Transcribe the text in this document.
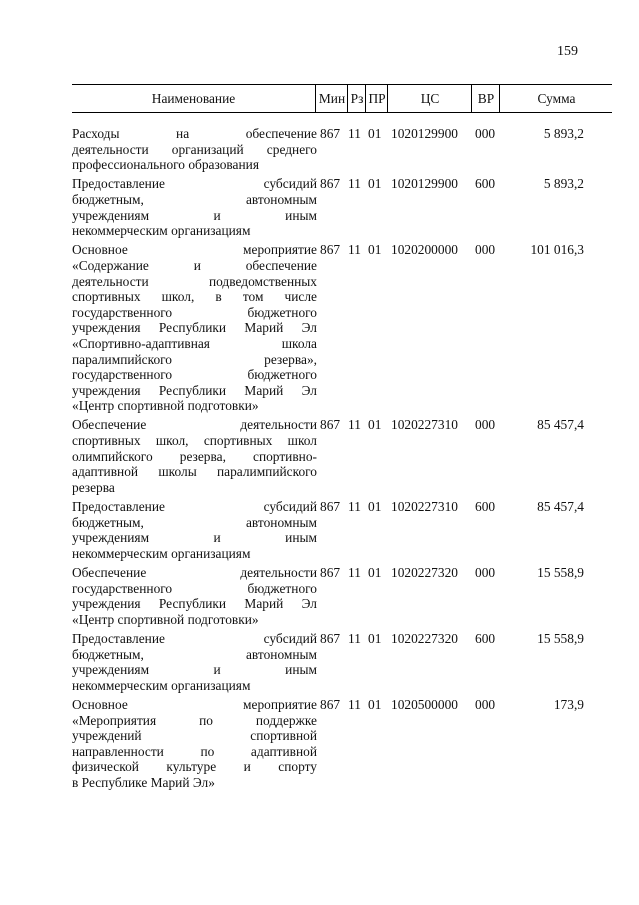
159
Наименование	Мин Рз ПР	ЦС	ВР	Сумма
Расходы на обеспечение
деятельности организаций среднего
профессионального образования
867 11 01 1020129900 000	5 893,2
Предоставление субсидий
бюджетным, автономным
учреждениям и иным
некоммерческим организациям
867 11 01 1020129900 600	5 893,2
Основное мероприятие
«Содержание и обеспечение
деятельности подведомственных
спортивных школ, в том числе
государственного бюджетного
учреждения Республики Марий Эл
«Спортивно-адаптивная школа
паралимпийского резерва»,
государственного бюджетного
учреждения Республики Марий Эл
«Центр спортивной подготовки»
867 11 01 1020200000 000	101 016,3
Обеспечение деятельности
спортивных школ, спортивных школ
олимпийского резерва, спортивно-
адаптивной школы паралимпийского
резерва
867 11 01 1020227310 000	85 457,4
Предоставление субсидий
бюджетным, автономным
учреждениям и иным
некоммерческим организациям
867 11 01 1020227310 600	85 457,4
Обеспечение деятельности
государственного бюджетного
учреждения Республики Марий Эл
«Центр спортивной подготовки»
867 11 01 1020227320 000	15 558,9
Предоставление субсидий
бюджетным, автономным
учреждениям и иным
некоммерческим организациям
867 11 01 1020227320 600	15 558,9
Основное мероприятие
«Мероприятия по поддержке
учреждений спортивной
направленности по адаптивной
физической культуре и спорту
в Республике Марий Эл»
867 11 01 1020500000 000	173,9
